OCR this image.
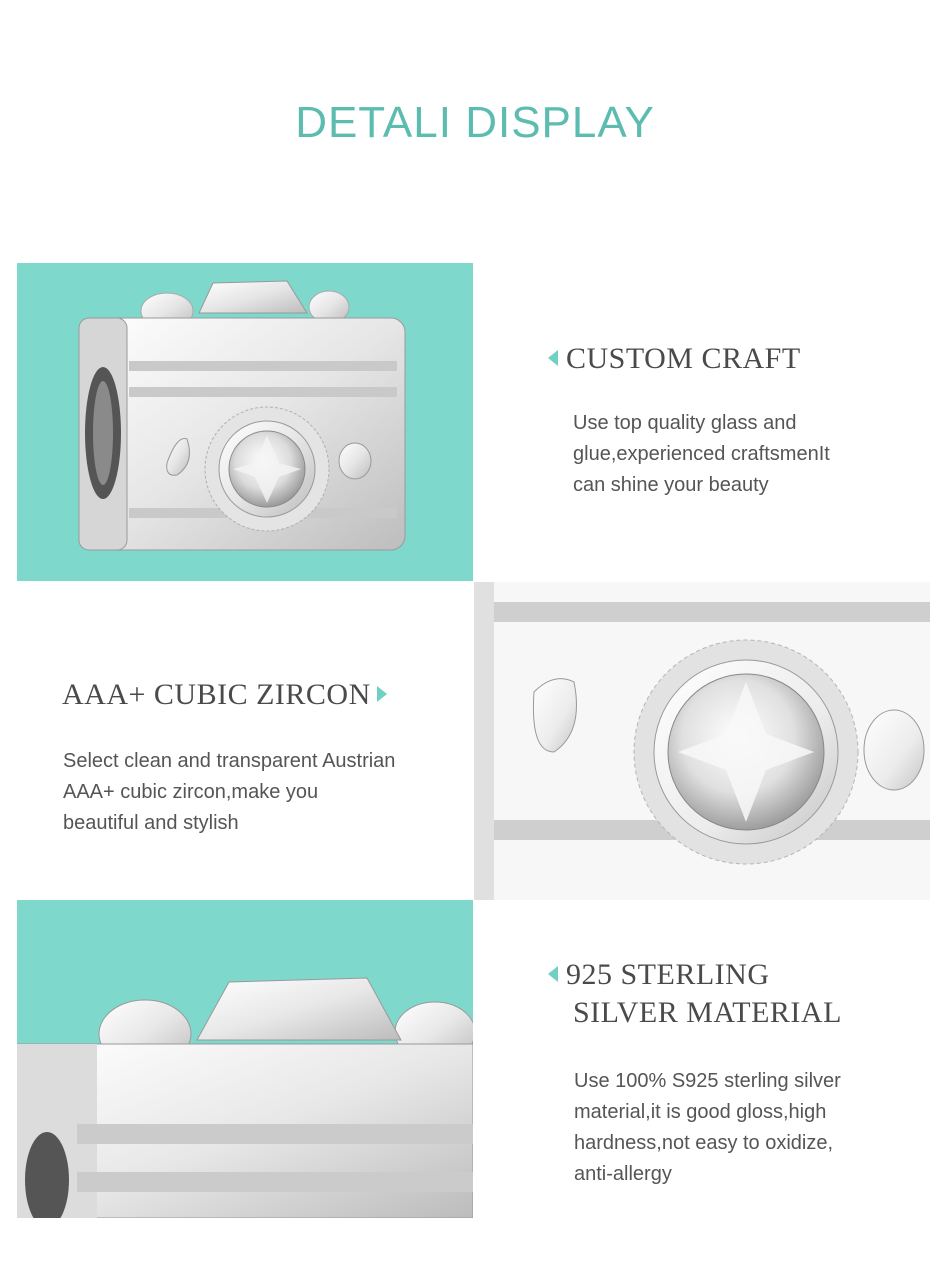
DETALI DISPLAY
CUSTOM CRAFT
Use top quality glass and
glue,experienced craftsmenIt
can shine your beauty
AAA+ CUBIC ZIRCON
Select clean and transparent Austrian
AAA+ cubic zircon,make you
beautiful and stylish
925 STERLING
SILVER MATERIAL
Use 100% S925 sterling silver
material,it is good gloss,high
hardness,not easy to oxidize,
anti-allergy
